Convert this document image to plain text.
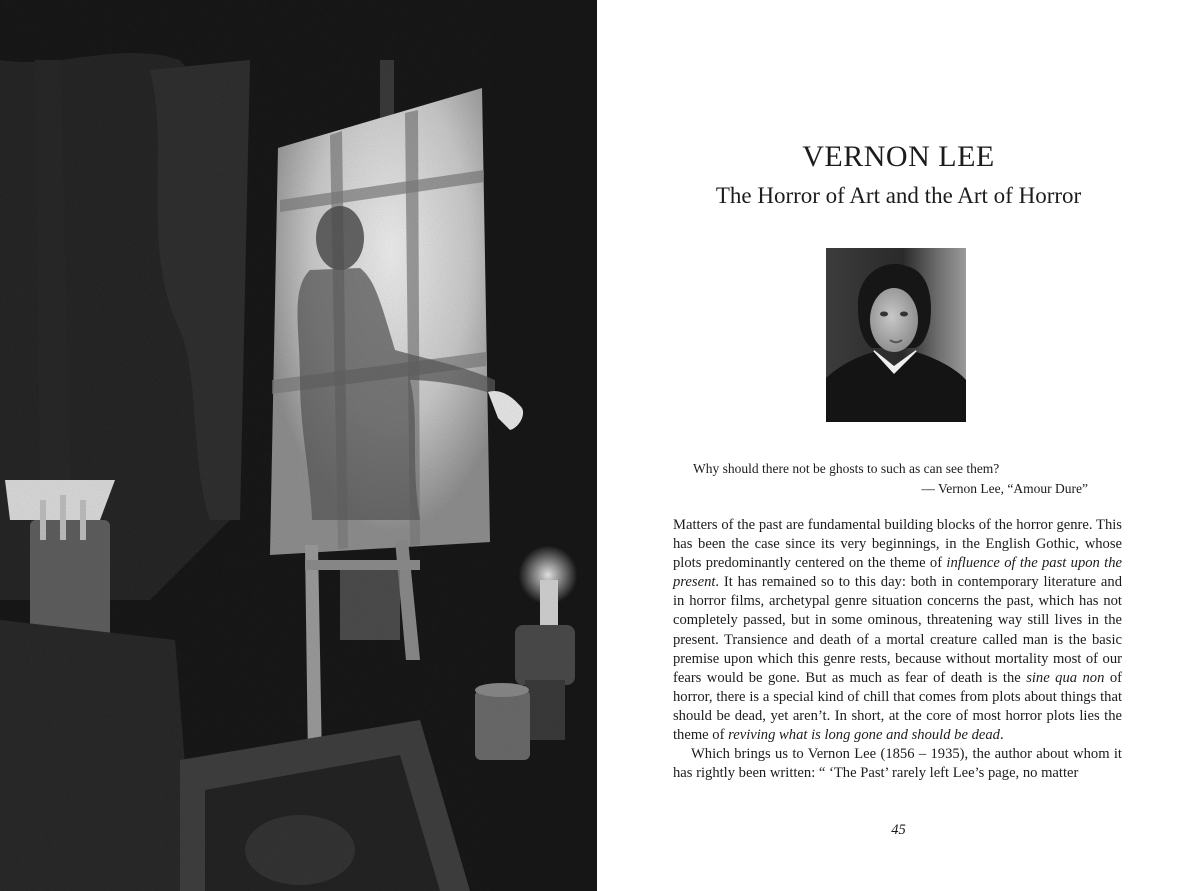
VERNON LEE
The Horror of Art and the Art of Horror
Why should there not be ghosts to such as can see them?
— Vernon Lee, “Amour Dure”

Matters of the past are fundamental building blocks of the horror genre. This has been the case since its very beginnings, in the English Gothic, whose plots predominantly centered on the theme of influence of the past upon the present. It has remained so to this day: both in contemporary literature and in horror films, archetypal genre situation concerns the past, which has not completely passed, but in some ominous, threatening way still lives in the present. Transience and death of a mortal creature called man is the basic premise upon which this genre rests, because without mortality most of our fears would be gone. But as much as fear of death is the sine qua non of horror, there is a special kind of chill that comes from plots about things that should be dead, yet aren’t. In short, at the core of most horror plots lies the theme of reviving what is long gone and should be dead.

Which brings us to Vernon Lee (1856 – 1935), the author about whom it has rightly been written: “ ‘The Past’ rarely left Lee’s page, no matter

45
